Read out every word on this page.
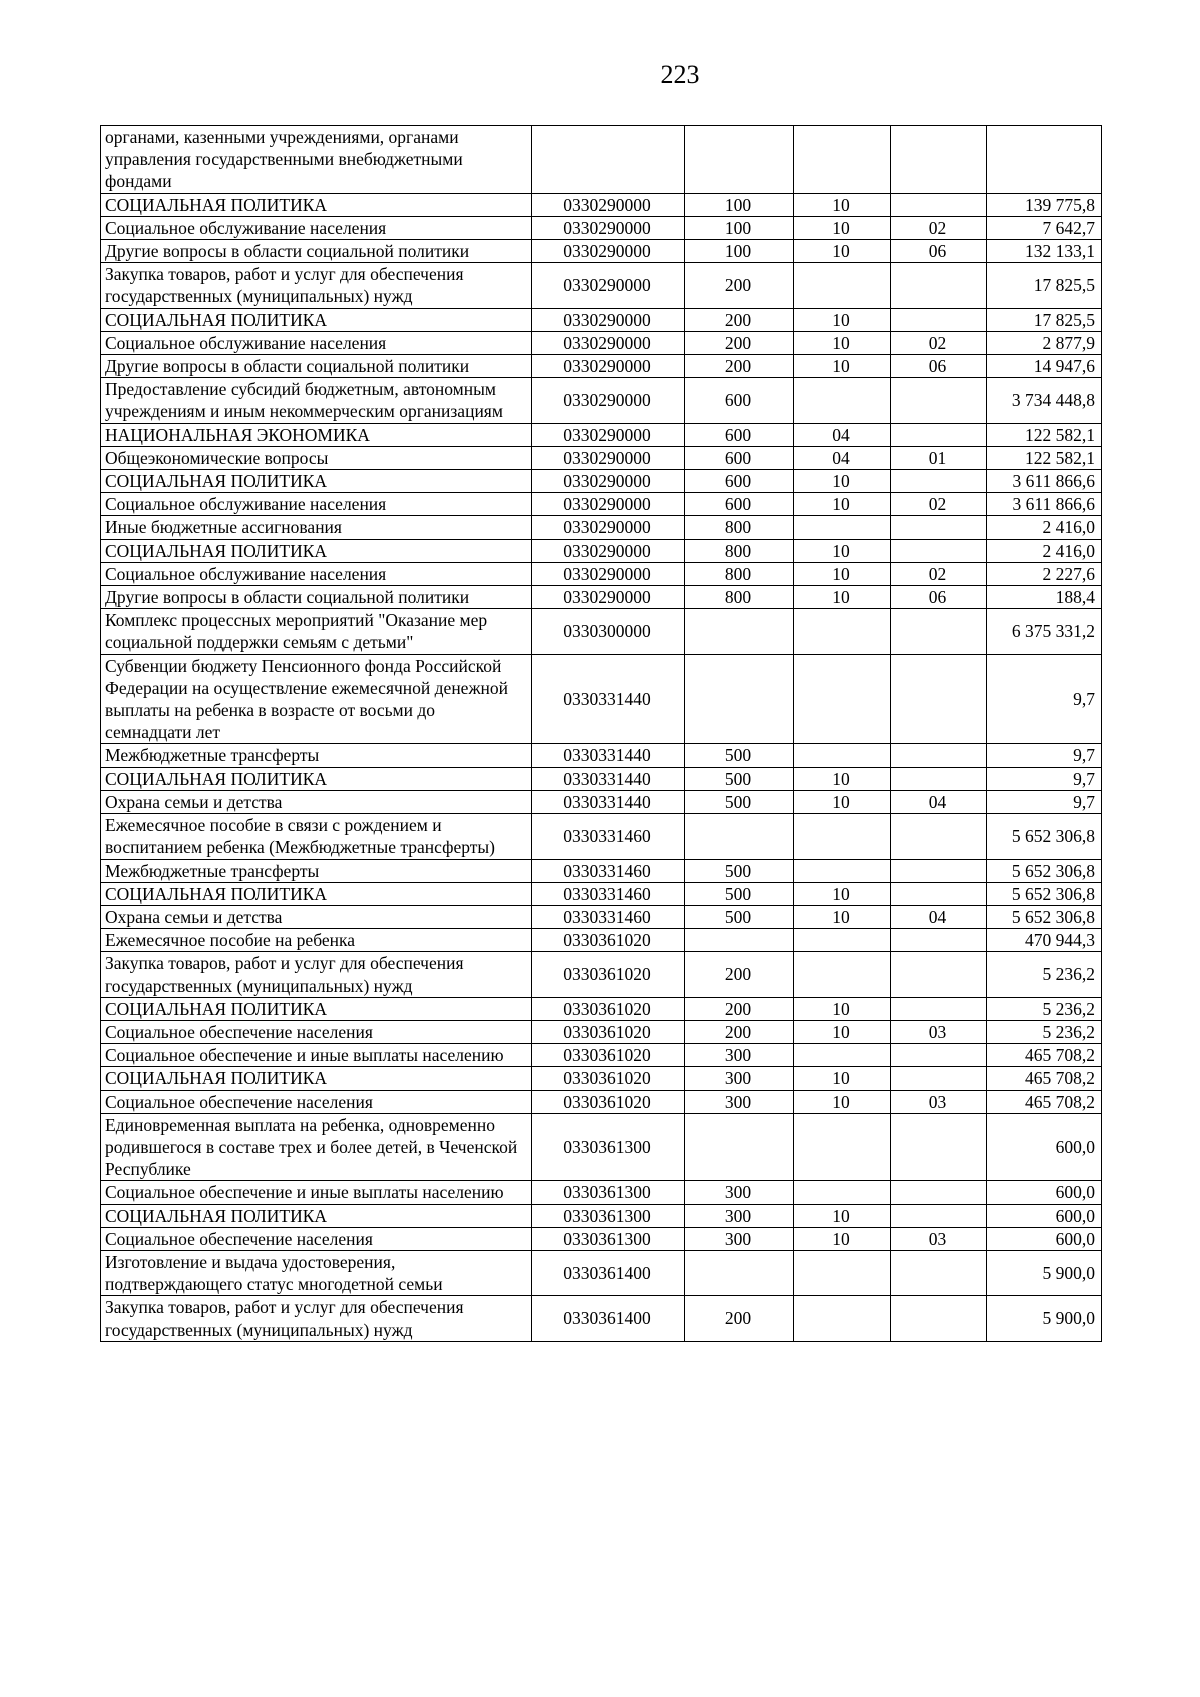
223
органами, казенными учреждениями, органами управления государственными внебюджетными фондами					
СОЦИАЛЬНАЯ ПОЛИТИКА	0330290000	100	10		139 775,8
Социальное обслуживание населения	0330290000	100	10	02	7 642,7
Другие вопросы в области социальной политики	0330290000	100	10	06	132 133,1
Закупка товаров, работ и услуг для обеспечения государственных (муниципальных) нужд	0330290000	200			17 825,5
СОЦИАЛЬНАЯ ПОЛИТИКА	0330290000	200	10		17 825,5
Социальное обслуживание населения	0330290000	200	10	02	2 877,9
Другие вопросы в области социальной политики	0330290000	200	10	06	14 947,6
Предоставление субсидий бюджетным, автономным учреждениям и иным некоммерческим организациям	0330290000	600			3 734 448,8
НАЦИОНАЛЬНАЯ ЭКОНОМИКА	0330290000	600	04		122 582,1
Общеэкономические вопросы	0330290000	600	04	01	122 582,1
СОЦИАЛЬНАЯ ПОЛИТИКА	0330290000	600	10		3 611 866,6
Социальное обслуживание населения	0330290000	600	10	02	3 611 866,6
Иные бюджетные ассигнования	0330290000	800			2 416,0
СОЦИАЛЬНАЯ ПОЛИТИКА	0330290000	800	10		2 416,0
Социальное обслуживание населения	0330290000	800	10	02	2 227,6
Другие вопросы в области социальной политики	0330290000	800	10	06	188,4
Комплекс процессных мероприятий "Оказание мер социальной поддержки семьям с детьми"	0330300000				6 375 331,2
Субвенции бюджету Пенсионного фонда Российской Федерации на осуществление ежемесячной денежной выплаты на ребенка в возрасте от восьми до семнадцати лет	0330331440				9,7
Межбюджетные трансферты	0330331440	500			9,7
СОЦИАЛЬНАЯ ПОЛИТИКА	0330331440	500	10		9,7
Охрана семьи и детства	0330331440	500	10	04	9,7
Ежемесячное пособие в связи с рождением и воспитанием ребенка (Межбюджетные трансферты)	0330331460				5 652 306,8
Межбюджетные трансферты	0330331460	500			5 652 306,8
СОЦИАЛЬНАЯ ПОЛИТИКА	0330331460	500	10		5 652 306,8
Охрана семьи и детства	0330331460	500	10	04	5 652 306,8
Ежемесячное пособие на ребенка	0330361020				470 944,3
Закупка товаров, работ и услуг для обеспечения государственных (муниципальных) нужд	0330361020	200			5 236,2
СОЦИАЛЬНАЯ ПОЛИТИКА	0330361020	200	10		5 236,2
Социальное обеспечение населения	0330361020	200	10	03	5 236,2
Социальное обеспечение и иные выплаты населению	0330361020	300			465 708,2
СОЦИАЛЬНАЯ ПОЛИТИКА	0330361020	300	10		465 708,2
Социальное обеспечение населения	0330361020	300	10	03	465 708,2
Единовременная выплата на ребенка, одновременно родившегося в составе трех и более детей, в Чеченской Республике	0330361300				600,0
Социальное обеспечение и иные выплаты населению	0330361300	300			600,0
СОЦИАЛЬНАЯ ПОЛИТИКА	0330361300	300	10		600,0
Социальное обеспечение населения	0330361300	300	10	03	600,0
Изготовление и выдача удостоверения, подтверждающего статус многодетной семьи	0330361400				5 900,0
Закупка товаров, работ и услуг для обеспечения государственных (муниципальных) нужд	0330361400	200			5 900,0
